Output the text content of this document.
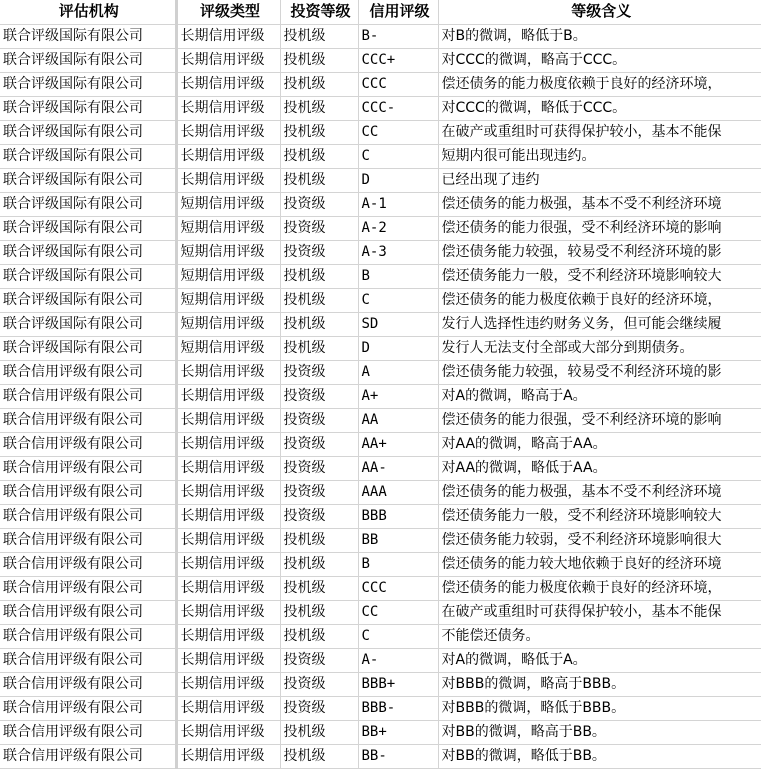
评估机构	评级类型	投资等级	信用评级	等级含义
联合评级国际有限公司	长期信用评级	投机级	B-	对B的微调，略低于B。
联合评级国际有限公司	长期信用评级	投机级	CCC+	对CCC的微调，略高于CCC。
联合评级国际有限公司	长期信用评级	投机级	CCC	偿还债务的能力极度依赖于良好的经济环境，
联合评级国际有限公司	长期信用评级	投机级	CCC-	对CCC的微调，略低于CCC。
联合评级国际有限公司	长期信用评级	投机级	CC	在破产或重组时可获得保护较小，基本不能保
联合评级国际有限公司	长期信用评级	投机级	C	短期内很可能出现违约。
联合评级国际有限公司	长期信用评级	投机级	D	已经出现了违约
联合评级国际有限公司	短期信用评级	投资级	A-1	偿还债务的能力极强，基本不受不利经济环境
联合评级国际有限公司	短期信用评级	投资级	A-2	偿还债务的能力很强，受不利经济环境的影响
联合评级国际有限公司	短期信用评级	投资级	A-3	偿还债务能力较强，较易受不利经济环境的影
联合评级国际有限公司	短期信用评级	投机级	B	偿还债务能力一般，受不利经济环境影响较大
联合评级国际有限公司	短期信用评级	投机级	C	偿还债务的能力极度依赖于良好的经济环境，
联合评级国际有限公司	短期信用评级	投机级	SD	发行人选择性违约财务义务，但可能会继续履
联合评级国际有限公司	短期信用评级	投机级	D	发行人无法支付全部或大部分到期债务。
联合信用评级有限公司	长期信用评级	投资级	A	偿还债务能力较强，较易受不利经济环境的影
联合信用评级有限公司	长期信用评级	投资级	A+	对A的微调，略高于A。
联合信用评级有限公司	长期信用评级	投资级	AA	偿还债务的能力很强，受不利经济环境的影响
联合信用评级有限公司	长期信用评级	投资级	AA+	对AA的微调，略高于AA。
联合信用评级有限公司	长期信用评级	投资级	AA-	对AA的微调，略低于AA。
联合信用评级有限公司	长期信用评级	投资级	AAA	偿还债务的能力极强，基本不受不利经济环境
联合信用评级有限公司	长期信用评级	投资级	BBB	偿还债务能力一般，受不利经济环境影响较大
联合信用评级有限公司	长期信用评级	投机级	BB	偿还债务能力较弱，受不利经济环境影响很大
联合信用评级有限公司	长期信用评级	投机级	B	偿还债务的能力较大地依赖于良好的经济环境
联合信用评级有限公司	长期信用评级	投机级	CCC	偿还债务的能力极度依赖于良好的经济环境，
联合信用评级有限公司	长期信用评级	投机级	CC	在破产或重组时可获得保护较小，基本不能保
联合信用评级有限公司	长期信用评级	投机级	C	不能偿还债务。
联合信用评级有限公司	长期信用评级	投资级	A-	对A的微调，略低于A。
联合信用评级有限公司	长期信用评级	投资级	BBB+	对BBB的微调，略高于BBB。
联合信用评级有限公司	长期信用评级	投资级	BBB-	对BBB的微调，略低于BBB。
联合信用评级有限公司	长期信用评级	投机级	BB+	对BB的微调，略高于BB。
联合信用评级有限公司	长期信用评级	投机级	BB-	对BB的微调，略低于BB。
